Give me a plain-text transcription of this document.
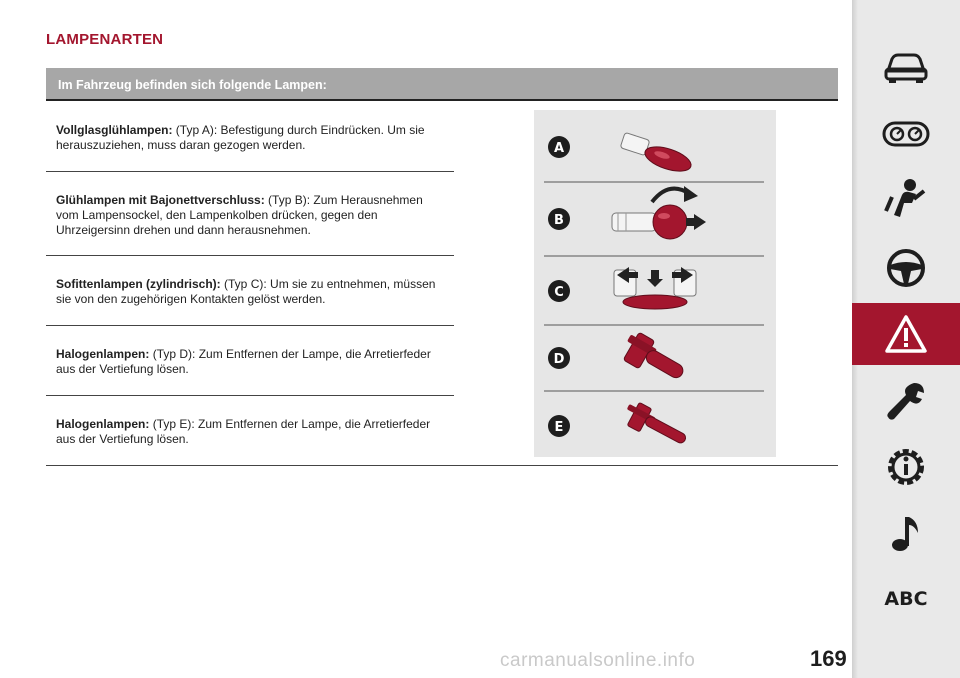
LAMPENARTEN
Im Fahrzeug befinden sich folgende Lampen:
Vollglasglühlampen: (Typ A): Befestigung durch Eindrücken. Um sie herauszuziehen, muss daran gezogen werden.
Glühlampen mit Bajonettverschluss: (Typ B): Zum Herausnehmen vom Lampensockel, den Lampenkolben drücken, gegen den Uhrzeigersinn drehen und dann herausnehmen.
Sofittenlampen (zylindrisch): (Typ C): Um sie zu entnehmen, müssen sie von den zugehörigen Kontakten gelöst werden.
Halogenlampen: (Typ D): Zum Entfernen der Lampe, die Arretierfeder aus der Vertiefung lösen.
Halogenlampen: (Typ E): Zum Entfernen der Lampe, die Arretierfeder aus der Vertiefung lösen.
A
B
C
D
E
ABC
carmanualsonline.info	169
